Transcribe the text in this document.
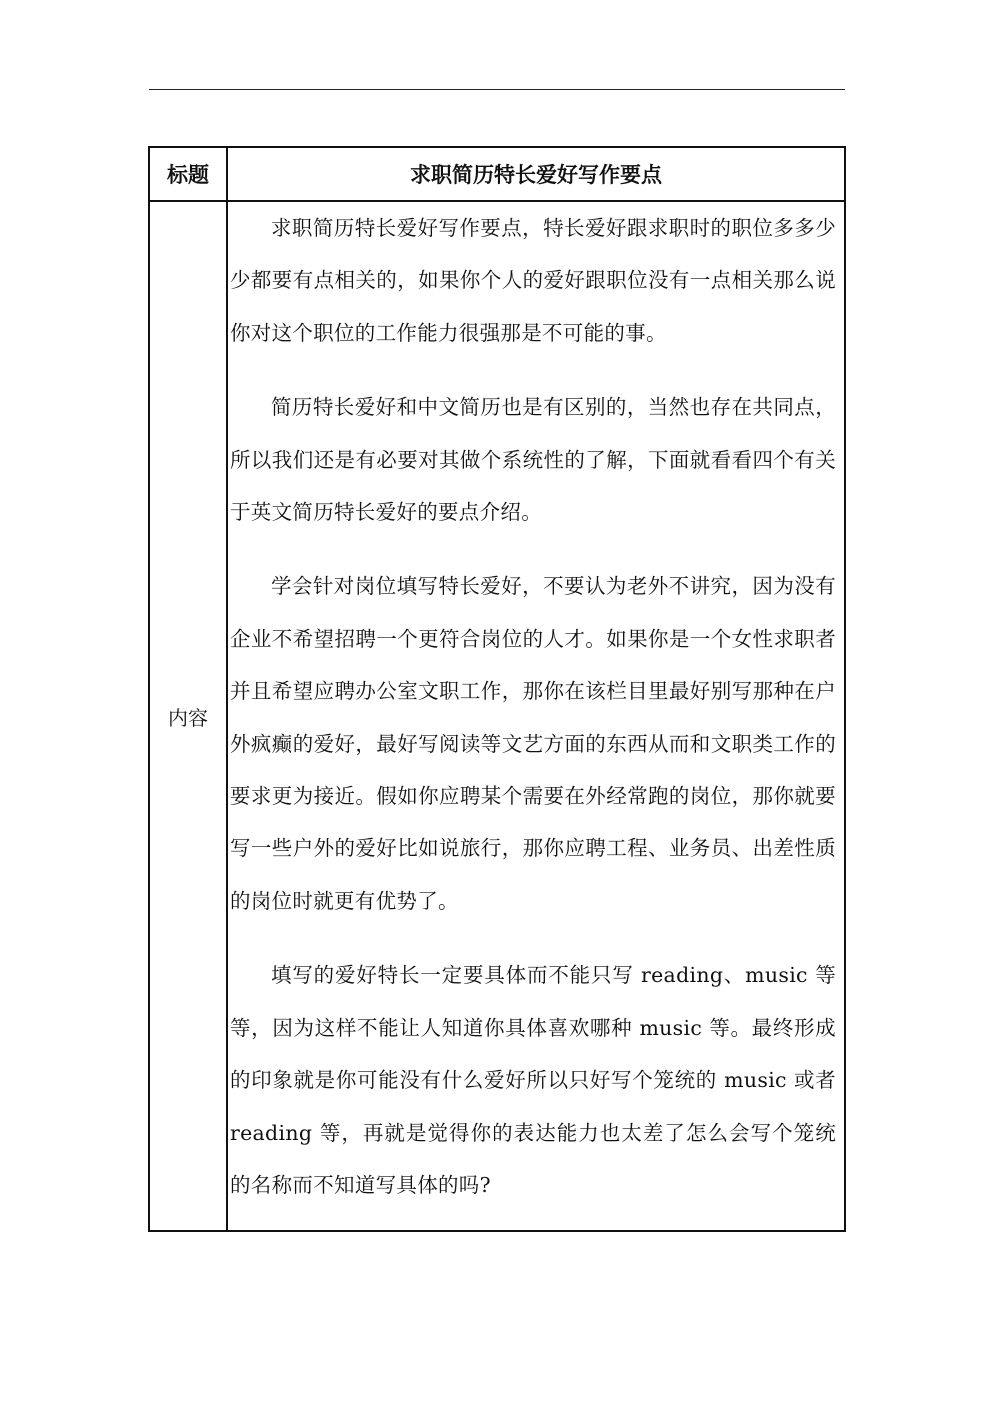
标题	求职简历特长爱好写作要点
内容

求职简历特长爱好写作要点，特长爱好跟求职时的职位多多少少都要有点相关的，如果你个人的爱好跟职位没有一点相关那么说你对这个职位的工作能力很强那是不可能的事。

简历特长爱好和中文简历也是有区别的，当然也存在共同点，所以我们还是有必要对其做个系统性的了解，下面就看看四个有关于英文简历特长爱好的要点介绍。

学会针对岗位填写特长爱好，不要认为老外不讲究，因为没有企业不希望招聘一个更符合岗位的人才。如果你是一个女性求职者并且希望应聘办公室文职工作，那你在该栏目里最好别写那种在户外疯癫的爱好，最好写阅读等文艺方面的东西从而和文职类工作的要求更为接近。假如你应聘某个需要在外经常跑的岗位，那你就要写一些户外的爱好比如说旅行，那你应聘工程、业务员、出差性质的岗位时就更有优势了。

填写的爱好特长一定要具体而不能只写 reading、music 等等，因为这样不能让人知道你具体喜欢哪种 music 等。最终形成的印象就是你可能没有什么爱好所以只好写个笼统的 music 或者 reading 等，再就是觉得你的表达能力也太差了怎么会写个笼统的名称而不知道写具体的吗?
